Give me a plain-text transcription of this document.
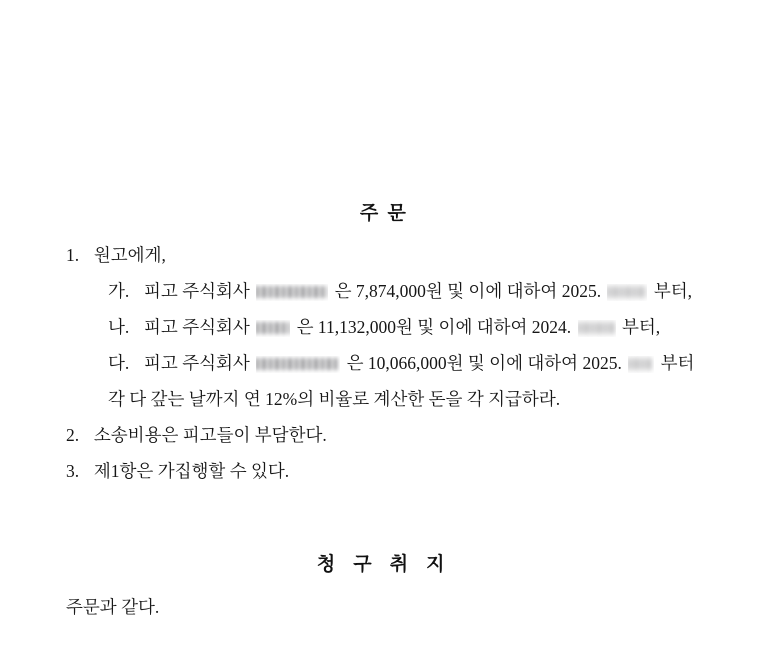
주 문
1. 원고에게,
가. 피고 주식회사	은 7,874,000원 및 이에 대하여 2025.	부터,
나. 피고 주식회사	은 11,132,000원 및 이에 대하여 2024.	부터,
다. 피고 주식회사	은 10,066,000원 및 이에 대하여 2025. 부터
각 다 갚는 날까지 연 12%의 비율로 계산한 돈을 각 지급하라.
2. 소송비용은 피고들이 부담한다.
3. 제1항은 가집행할 수 있다.
청 구 취 지
주문과 같다.
